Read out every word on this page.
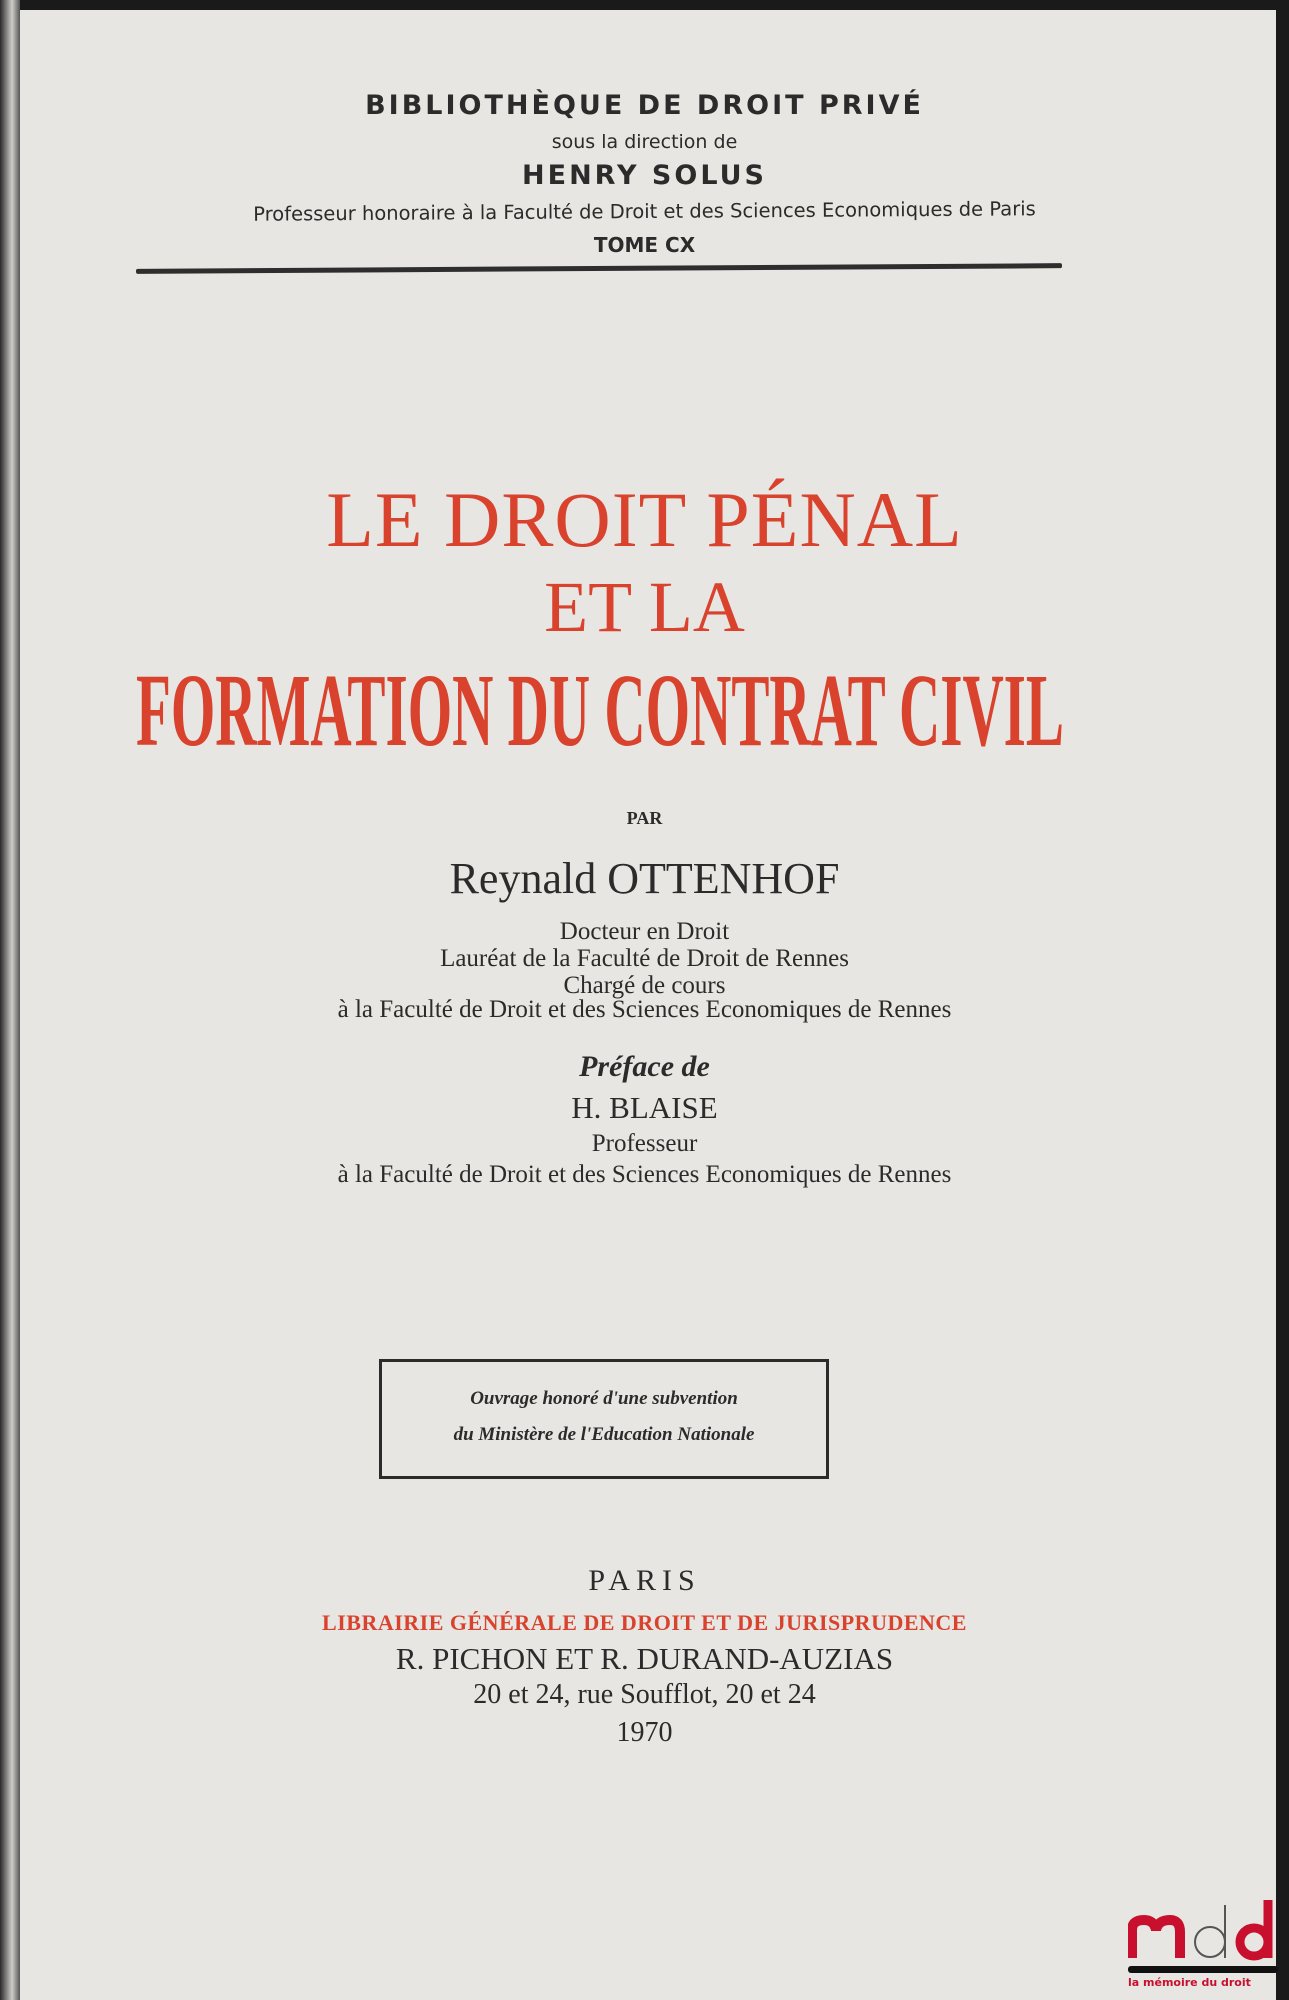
BIBLIOTHÈQUE DE DROIT PRIVÉ
sous la direction de
HENRY SOLUS
Professeur honoraire à la Faculté de Droit et des Sciences Economiques de Paris
TOME CX
LE DROIT PÉNAL
ET LA
FORMATION DU CONTRAT CIVIL
PAR
Reynald OTTENHOF
Docteur en Droit
Lauréat de la Faculté de Droit de Rennes
Chargé de cours
à la Faculté de Droit et des Sciences Economiques de Rennes
Préface de
H. BLAISE
Professeur
à la Faculté de Droit et des Sciences Economiques de Rennes
Ouvrage honoré d'une subvention
du Ministère de l'Education Nationale
PARIS
LIBRAIRIE GÉNÉRALE DE DROIT ET DE JURISPRUDENCE
R. PICHON ET R. DURAND-AUZIAS
20 et 24, rue Soufflot, 20 et 24
1970
la mémoire du droit
